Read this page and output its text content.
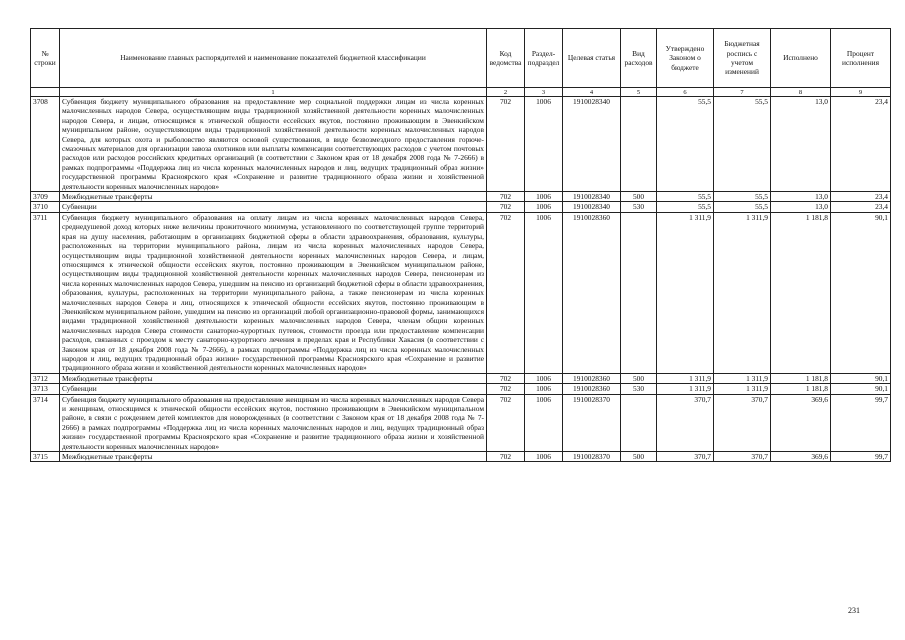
№ строки	Наименование главных распорядителей и наименование показателей бюджетной классификации	Код ведомства	Раздел-подраздел	Целевая статья	Вид расходов	Утверждено Законом о бюджете	Бюджетная роспись с учетом изменений	Исполнено	Процент исполнения
	1	2	3	4	5	6	7	8	9
3708	Субвенция бюджету муниципального образования на предоставление мер социальной поддержки лицам из числа коренных малочисленных народов Севера, осуществляющим виды традиционной хозяйственной деятельности коренных малочисленных народов Севера, и лицам, относящимся к этнической общности ессейских якутов, постоянно проживающим в Эвенкийском муниципальном районе, осуществляющим виды традиционной хозяйственной деятельности коренных малочисленных народов Севера, для которых охота и рыболовство являются основой существования, в виде безвозмездного предоставления горюче-смазочных материалов для организации завоза охотников или выплаты компенсации соответствующих расходов с учетом почтовых расходов или расходов российских кредитных организаций (в соответствии с Законом края от 18 декабря 2008 года № 7-2666) в рамках подпрограммы «Поддержка лиц из числа коренных малочисленных народов и лиц, ведущих традиционный образ жизни» государственной программы Красноярского края «Сохранение и развитие традиционного образа жизни и хозяйственной деятельности коренных малочисленных народов»	702	1006	1910028340		55,5	55,5	13,0	23,4
3709	Межбюджетные трансферты	702	1006	1910028340	500	55,5	55,5	13,0	23,4
3710	Субвенции	702	1006	1910028340	530	55,5	55,5	13,0	23,4
3711	Субвенция бюджету муниципального образования на оплату лицам из числа коренных малочисленных народов Севера, среднедушевой доход которых ниже величины прожиточного минимума, установленного по соответствующей группе территорий края на душу населения, работающим в организациях бюджетной сферы в области здравоохранения, образования, культуры, расположенных на территории муниципального района, лицам из числа коренных малочисленных народов Севера, осуществляющим виды традиционной хозяйственной деятельности коренных малочисленных народов Севера, и лицам, относящимся к этнической общности ессейских якутов, постоянно проживающим в Эвенкийском муниципальном районе, осуществляющим виды традиционной хозяйственной деятельности коренных малочисленных народов Севера, пенсионерам из числа коренных малочисленных народов Севера, ушедшим на пенсию из организаций бюджетной сферы в области здравоохранения, образования, культуры, расположенных на территории муниципального района, а также пенсионерам из числа коренных малочисленных народов Севера и лиц, относящихся к этнической общности ессейских якутов, постоянно проживающим в Эвенкийском муниципальном районе, ушедшим на пенсию из организаций любой организационно-правовой формы, занимающихся видами традиционной хозяйственной деятельности коренных малочисленных народов Севера, членам общин коренных малочисленных народов Севера стоимости санаторно-курортных путевок, стоимости проезда или предоставление компенсации расходов, связанных с проездом к месту санаторно-курортного лечения в пределах края и Республики Хакасия (в соответствии с Законом края от 18 декабря 2008 года № 7-2666), в рамках подпрограммы «Поддержка лиц из числа коренных малочисленных народов и лиц, ведущих традиционный образ жизни» государственной программы Красноярского края «Сохранение и развитие традиционного образа жизни и хозяйственной деятельности коренных малочисленных народов»	702	1006	1910028360		1 311,9	1 311,9	1 181,8	90,1
3712	Межбюджетные трансферты	702	1006	1910028360	500	1 311,9	1 311,9	1 181,8	90,1
3713	Субвенции	702	1006	1910028360	530	1 311,9	1 311,9	1 181,8	90,1
3714	Субвенция бюджету муниципального образования на предоставление женщинам из числа коренных малочисленных народов Севера и женщинам, относящимся к этнической общности ессейских якутов, постоянно проживающим в Эвенкийском муниципальном районе, в связи с рождением детей комплектов для новорожденных (в соответствии с Законом края от 18 декабря 2008 года № 7-2666) в рамках подпрограммы «Поддержка лиц из числа коренных малочисленных народов и лиц, ведущих традиционный образ жизни» государственной программы Красноярского края «Сохранение и развитие традиционного образа жизни и хозяйственной деятельности коренных малочисленных народов»	702	1006	1910028370		370,7	370,7	369,6	99,7
3715	Межбюджетные трансферты	702	1006	1910028370	500	370,7	370,7	369,6	99,7
231
